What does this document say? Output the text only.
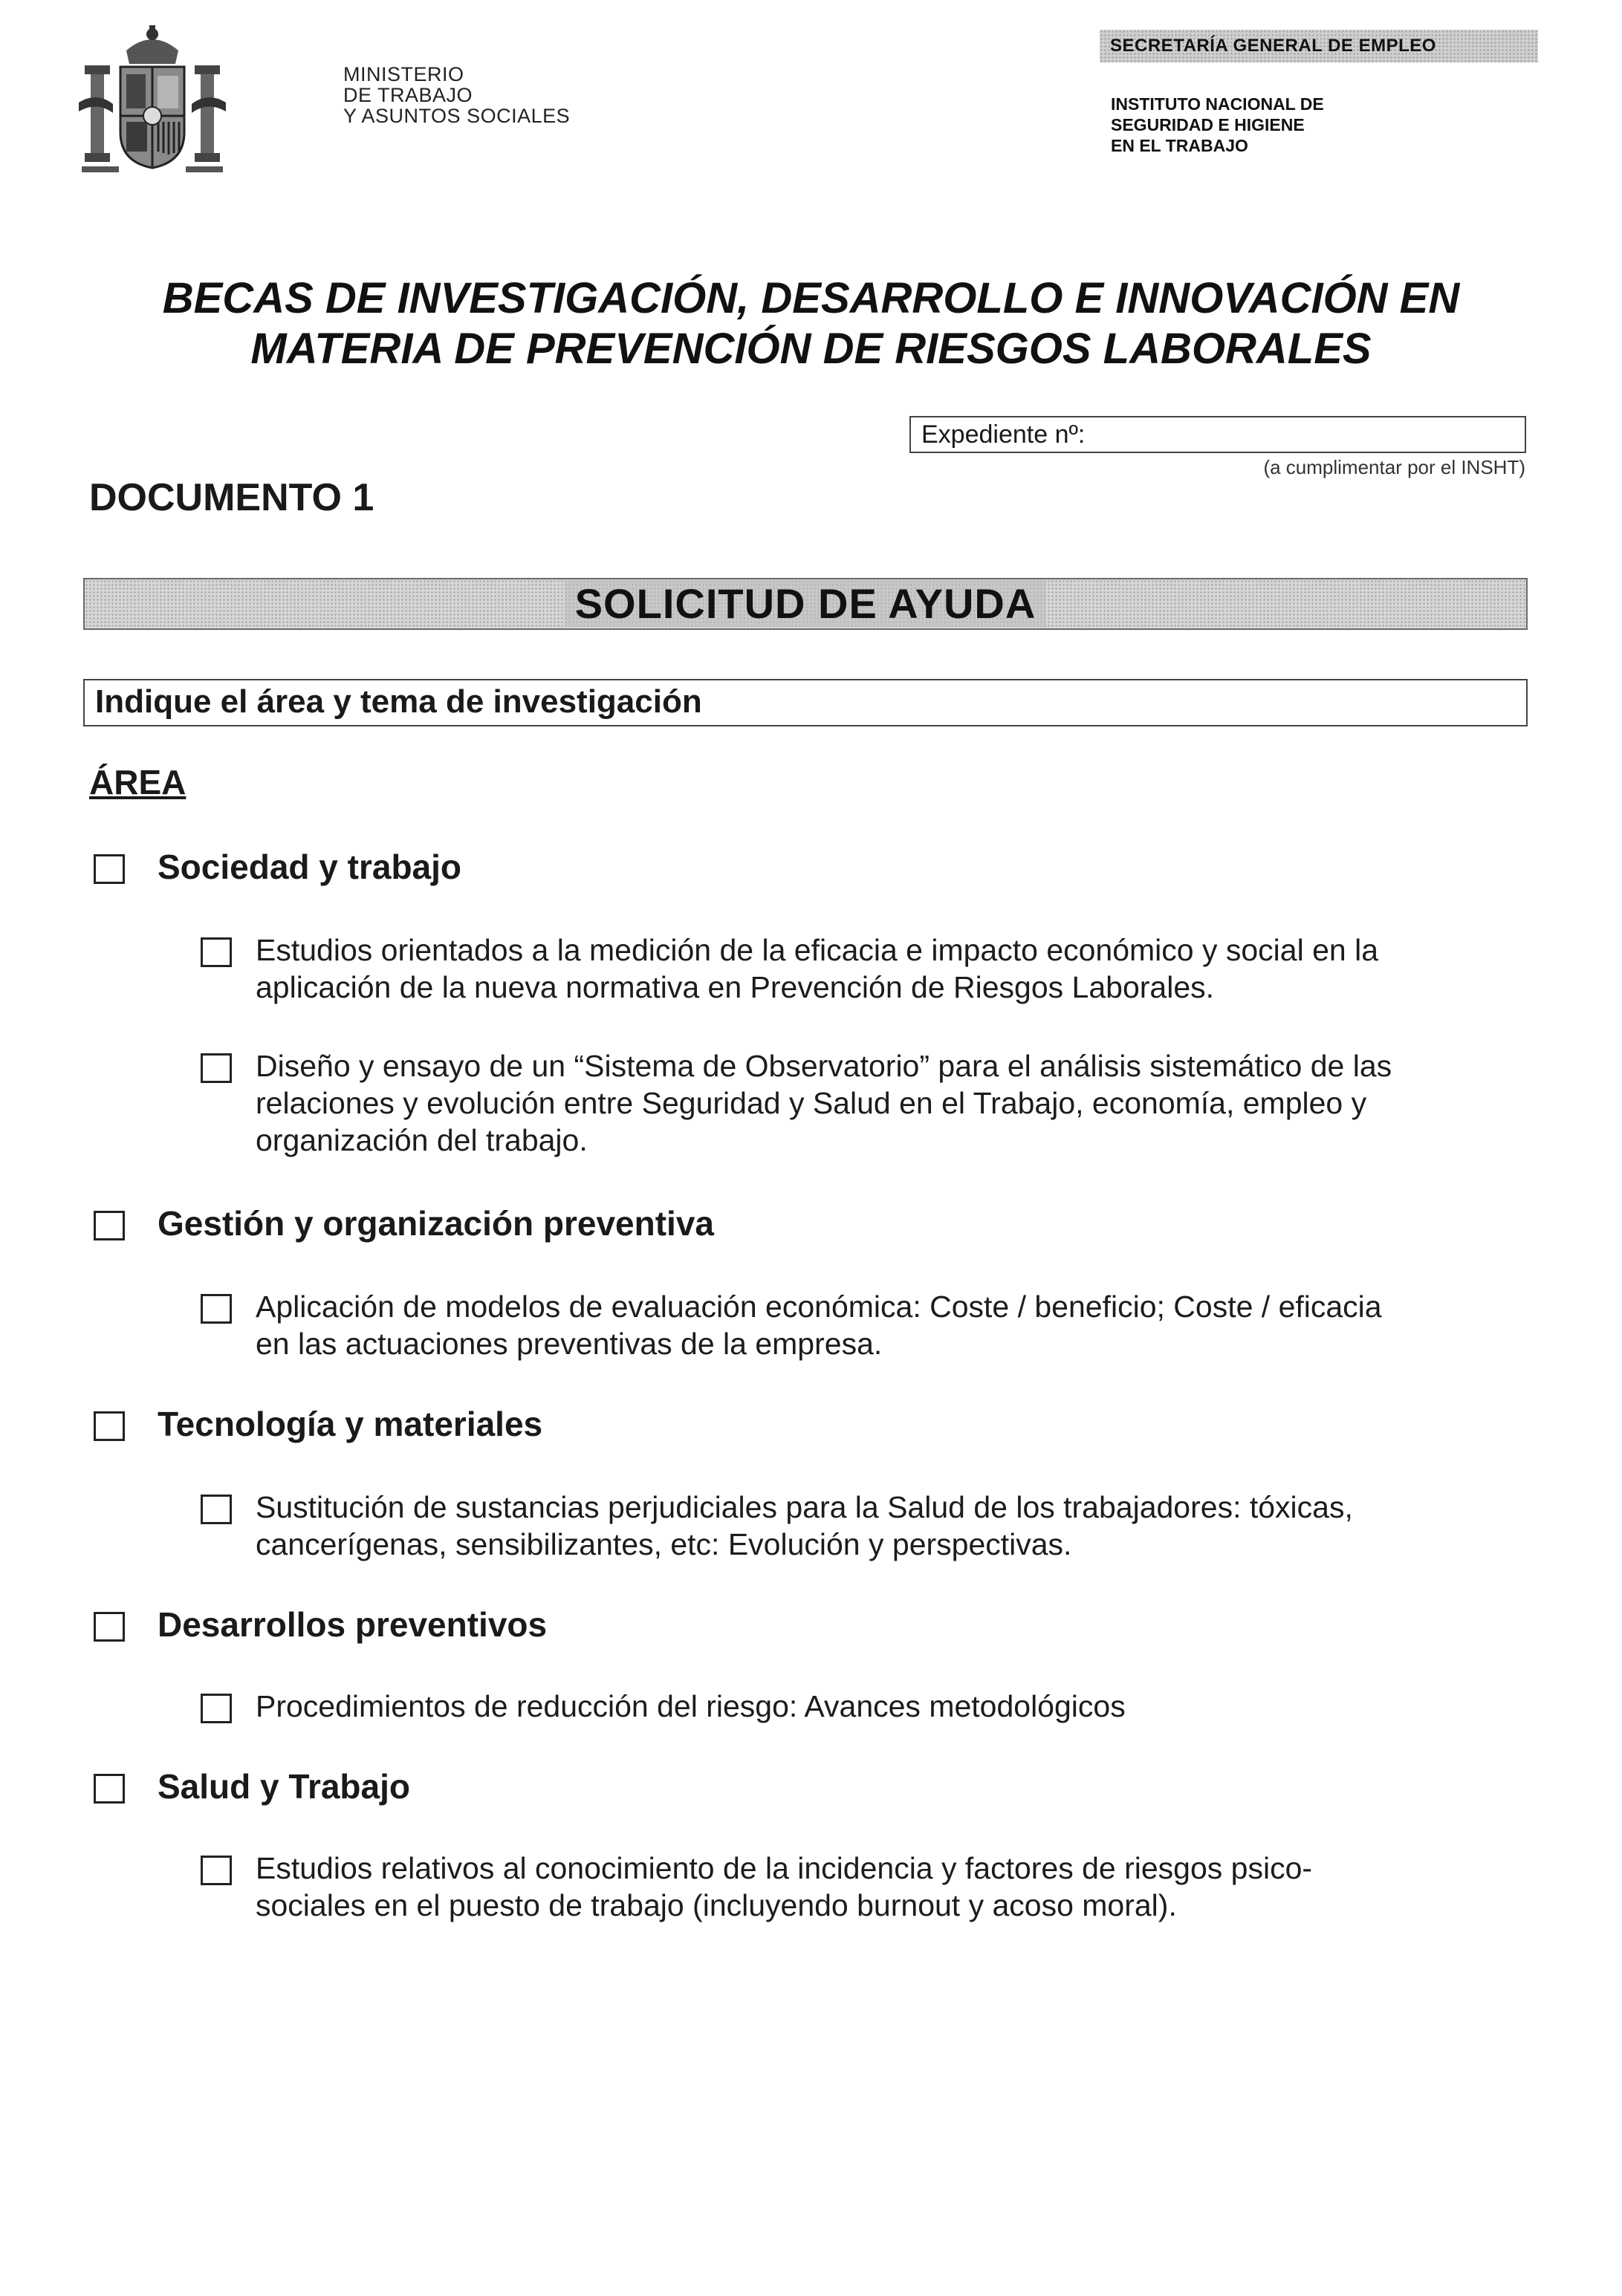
MINISTERIO
DE TRABAJO
Y ASUNTOS SOCIALES
SECRETARÍA GENERAL DE EMPLEO
INSTITUTO NACIONAL DE
SEGURIDAD E HIGIENE
EN EL TRABAJO
BECAS DE INVESTIGACIÓN, DESARROLLO E INNOVACIÓN EN
MATERIA DE PREVENCIÓN DE RIESGOS LABORALES
Expediente nº:
(a cumplimentar por el INSHT)
DOCUMENTO 1
SOLICITUD DE AYUDA
Indique el área y tema de investigación
ÁREA
Sociedad y trabajo
Estudios orientados a la medición de la eficacia e impacto económico y social en la
aplicación de la nueva normativa en Prevención de Riesgos Laborales.
Diseño y ensayo de un “Sistema de Observatorio” para el análisis sistemático de las
relaciones y evolución entre Seguridad y Salud en el Trabajo, economía, empleo y
organización del trabajo.
Gestión y organización preventiva
Aplicación de modelos de evaluación económica: Coste / beneficio; Coste / eficacia
en las actuaciones preventivas de la empresa.
Tecnología y materiales
Sustitución de sustancias perjudiciales para la Salud de los trabajadores: tóxicas,
cancerígenas, sensibilizantes, etc: Evolución y perspectivas.
Desarrollos preventivos
Procedimientos de reducción del riesgo: Avances metodológicos
Salud y Trabajo
Estudios relativos al conocimiento de la incidencia y factores de riesgos psico-
sociales en el puesto de trabajo (incluyendo burnout y acoso moral).
